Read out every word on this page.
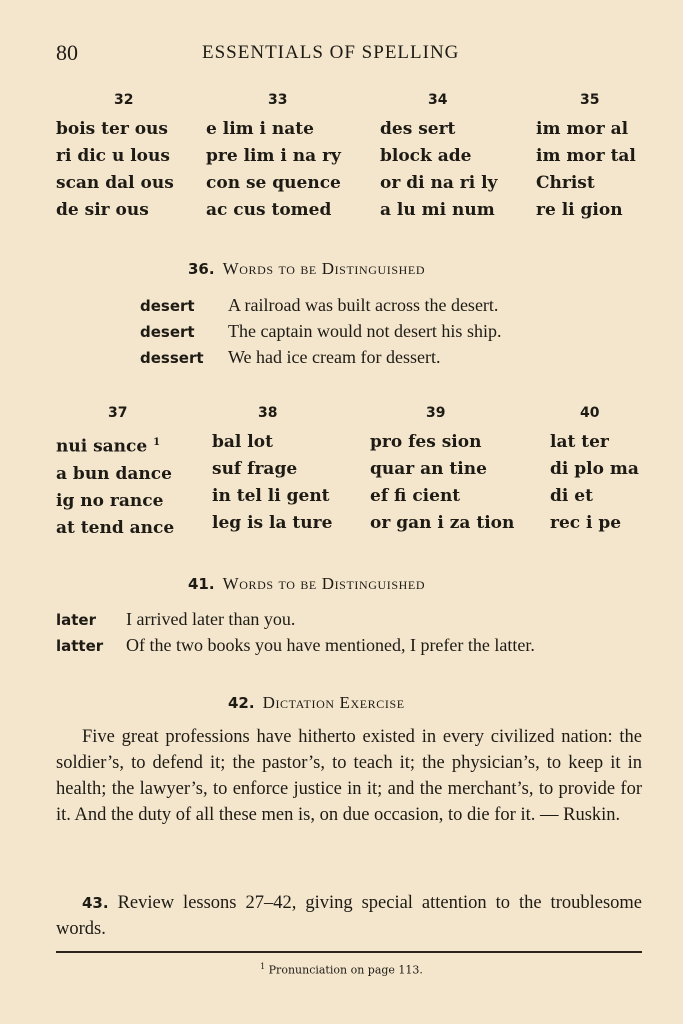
80	ESSENTIALS OF SPELLING
32
bois ter ous
ri dic u lous
scan dal ous
de sir ous
33
e lim i nate
pre lim i na ry
con se quence
ac cus tomed
34
des sert
block ade
or di na ri ly
a lu mi num
35
im mor al
im mor tal
Christ
re li gion
36. Words to be Distinguished
desert A railroad was built across the desert.
desert The captain would not desert his ship.
dessert We had ice cream for dessert.
37
nui sance $^1$
a bun dance
ig no rance
at tend ance
38
bal lot
suf frage
in tel li gent
leg is la ture
39
pro fes sion
quar an tine
ef fi cient
or gan i za tion
40
lat ter
di plo ma
di et
rec i pe
41. Words to be Distinguished
later I arrived later than you.
latter Of the two books you have mentioned, I prefer the latter.
42. Dictation Exercise
Five great professions have hitherto existed in every civilized nation: the soldier’s, to defend it; the pastor’s, to teach it; the physician’s, to keep it in health; the lawyer’s, to enforce justice in it; and the merchant’s, to provide for it. And the duty of all these men is, on due occasion, to die for it. — Ruskin.
43. Review lessons 27–42, giving special attention to the troublesome words.
$^1$ Pronunciation on page 113.
